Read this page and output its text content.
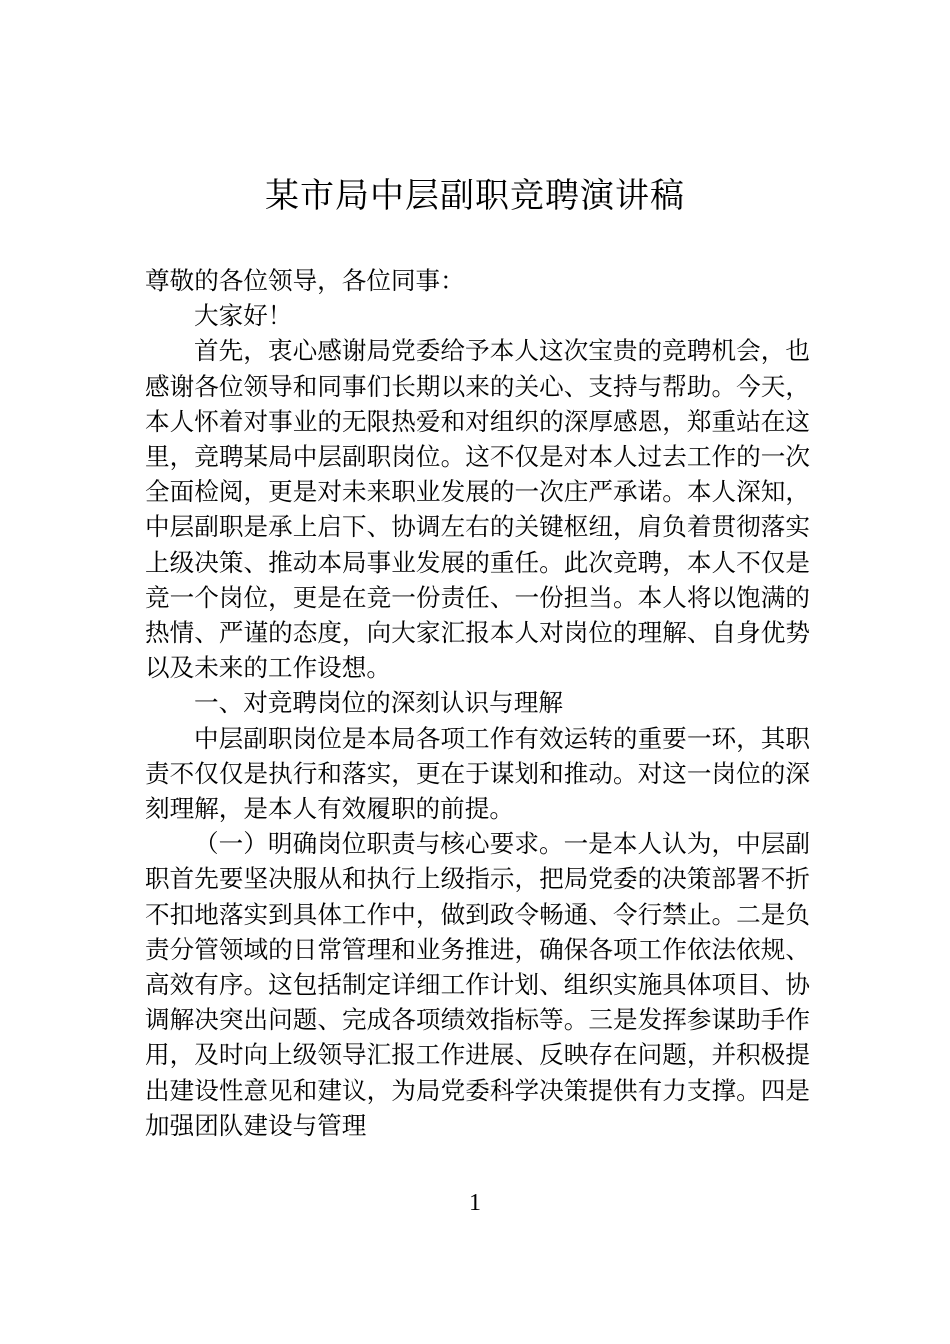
某市局中层副职竞聘演讲稿

尊敬的各位领导，各位同事：

大家好！

首先，衷心感谢局党委给予本人这次宝贵的竞聘机会，也感谢各位领导和同事们长期以来的关心、支持与帮助。今天，本人怀着对事业的无限热爱和对组织的深厚感恩，郑重站在这里，竞聘某局中层副职岗位。这不仅是对本人过去工作的一次全面检阅，更是对未来职业发展的一次庄严承诺。本人深知，中层副职是承上启下、协调左右的关键枢纽，肩负着贯彻落实上级决策、推动本局事业发展的重任。此次竞聘，本人不仅是竞一个岗位，更是在竞一份责任、一份担当。本人将以饱满的热情、严谨的态度，向大家汇报本人对岗位的理解、自身优势以及未来的工作设想。

一、对竞聘岗位的深刻认识与理解

中层副职岗位是本局各项工作有效运转的重要一环，其职责不仅仅是执行和落实，更在于谋划和推动。对这一岗位的深刻理解，是本人有效履职的前提。

（一）明确岗位职责与核心要求。一是本人认为，中层副职首先要坚决服从和执行上级指示，把局党委的决策部署不折不扣地落实到具体工作中，做到政令畅通、令行禁止。二是负责分管领域的日常管理和业务推进，确保各项工作依法依规、高效有序。这包括制定详细工作计划、组织实施具体项目、协调解决突出问题、完成各项绩效指标等。三是发挥参谋助手作用，及时向上级领导汇报工作进展、反映存在问题，并积极提出建设性意见和建议，为局党委科学决策提供有力支撑。四是加强团队建设与管理

1
